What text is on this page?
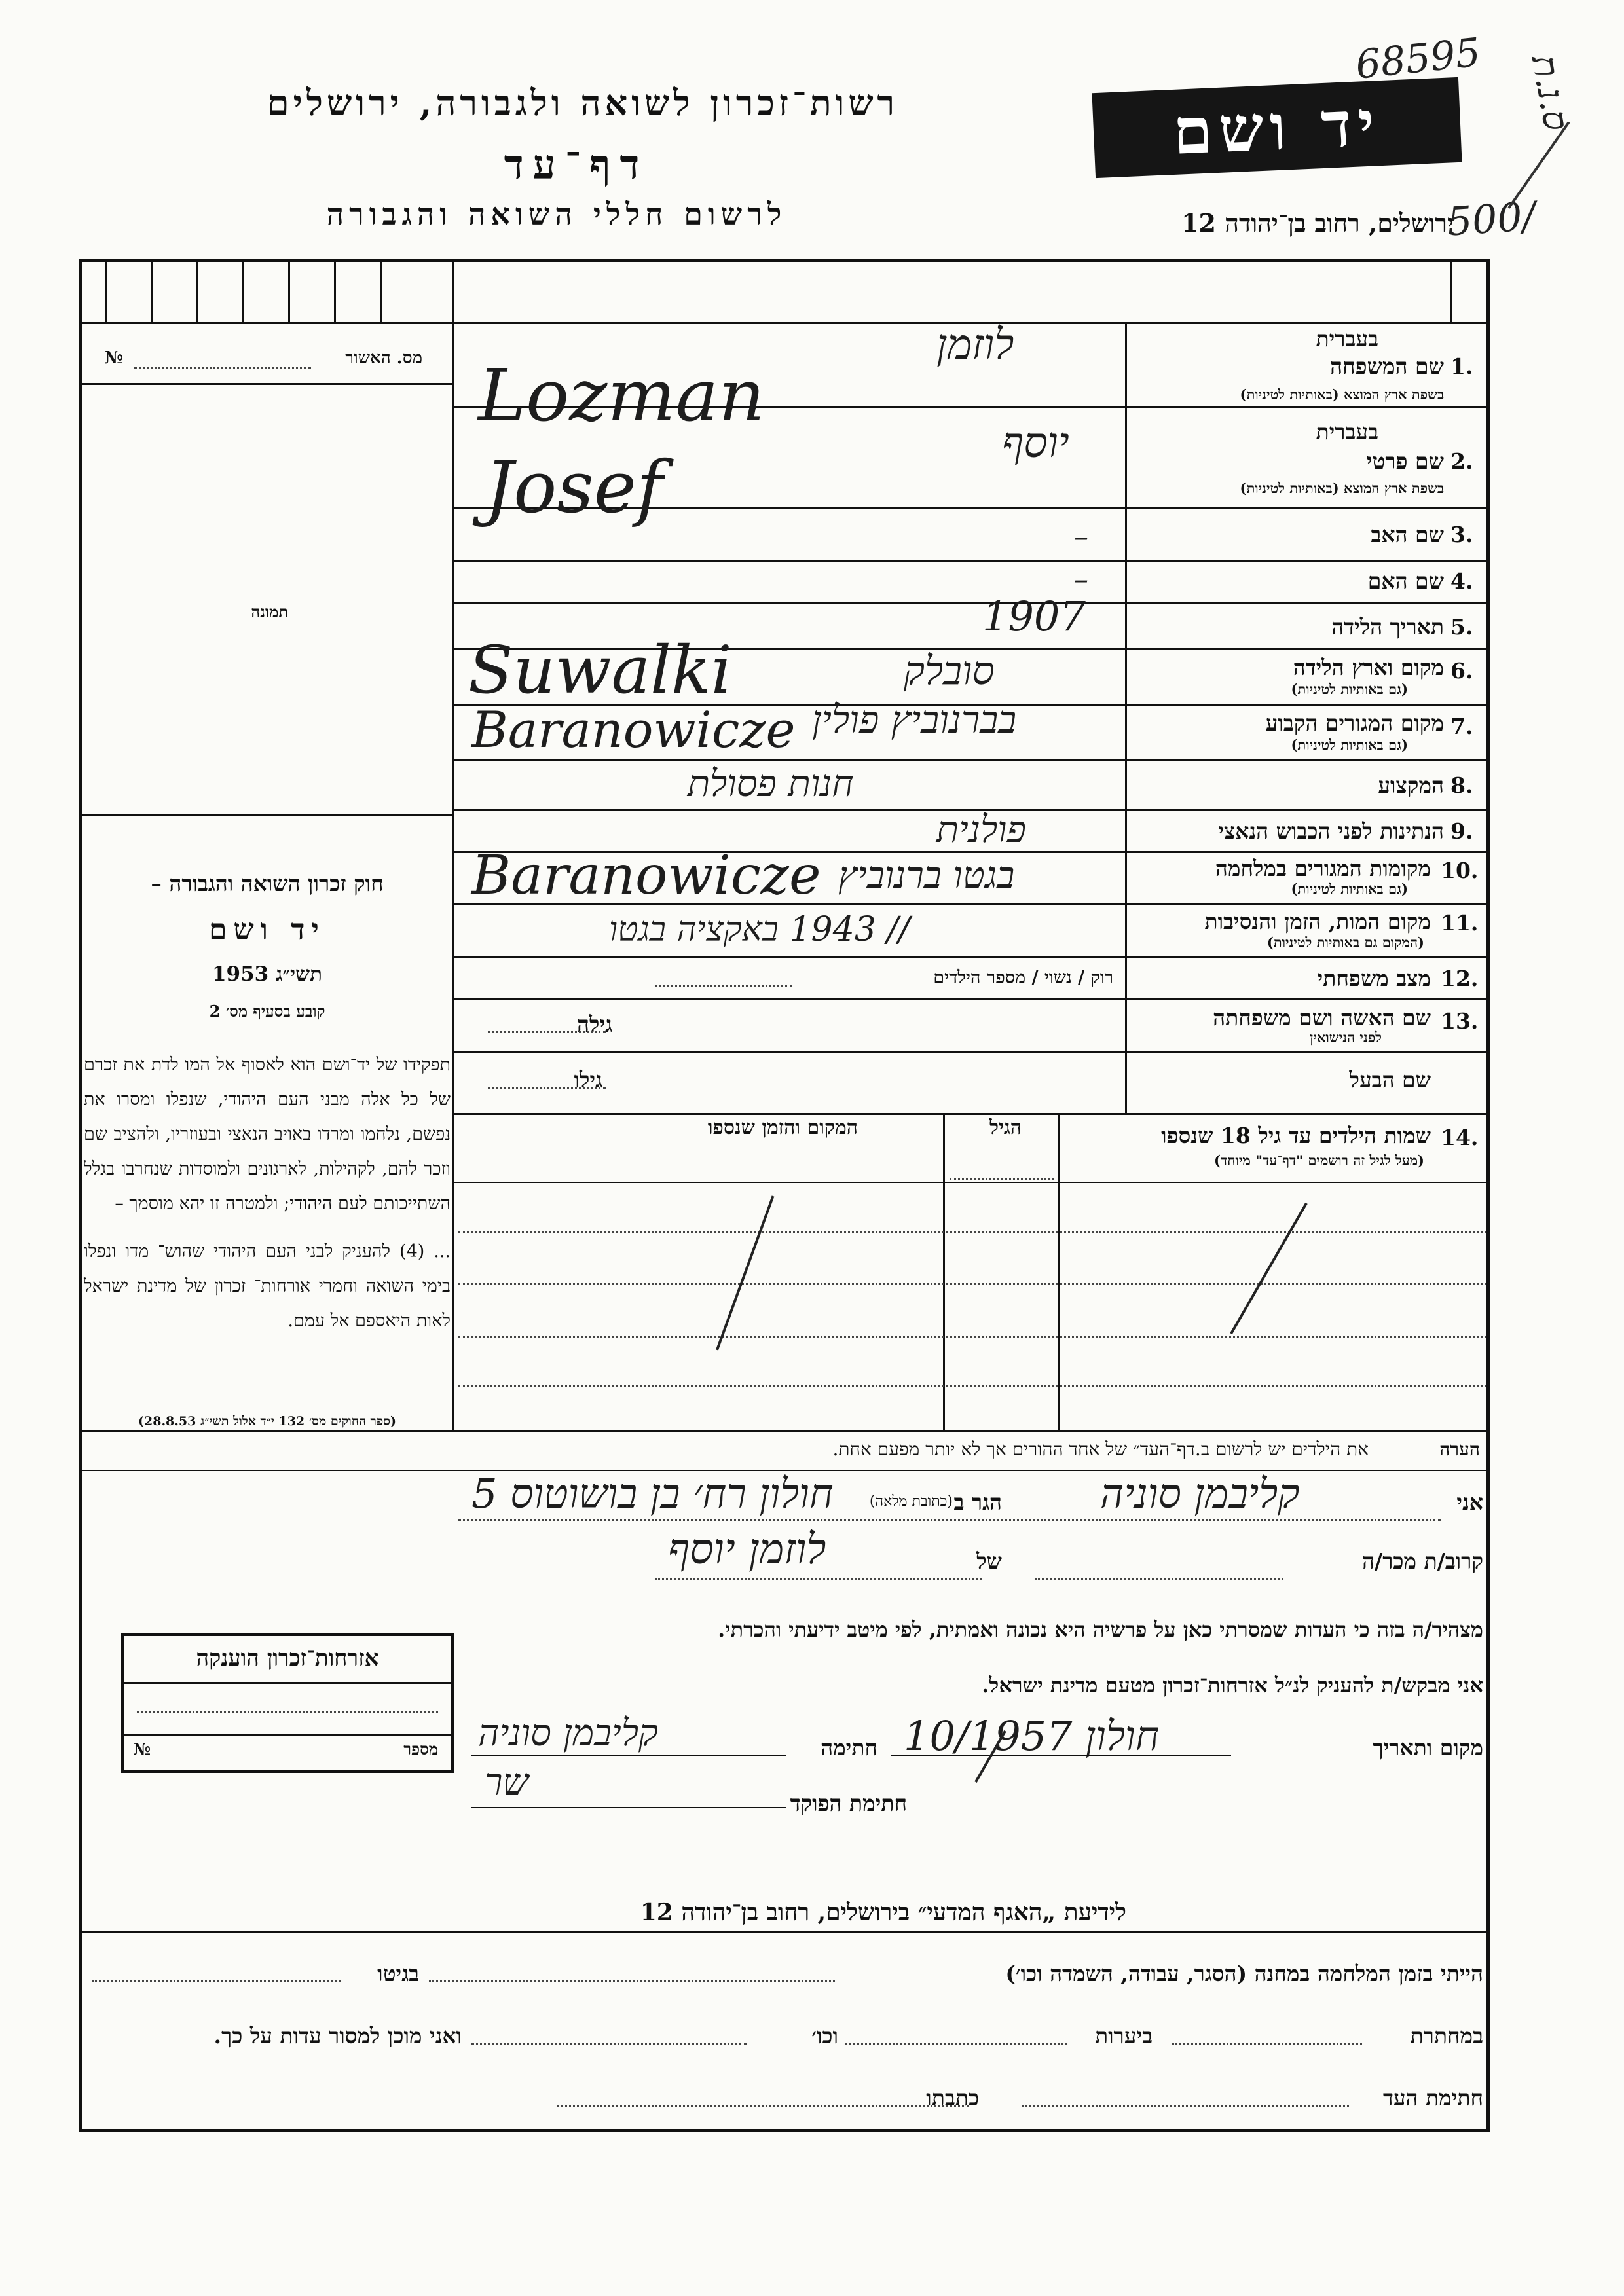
רשות־זכרון לשואה ולגבורה, ירושלים
דף־עד
לרשום חללי השואה והגבורה	ירושלים, רחוב בן־יהודה 12
יד ושם
68595 ס.נ.ת
500/
מס. האשור
№
תמונה
חוק זכרון השואה והגבורה –
יד ושם
תשי״ג 1953
קובע בסעיף מס׳ 2
תפקידו של יד־ושם הוא לאסוף אל המו לדת את זכרם של כל אלה מבני העם היהודי, שנפלו ומסרו את נפשם, נלחמו ומרדו באויב הנאצי ובעוזריו, ולהציב שם וזכר להם, לקהילות, לארגונים ולמוסדות שנחרבו בגלל השתייכותם לעם היהודי; ולמטרה זו יהא מוסמך –
... (4) להעניק לבני העם היהודי שהוש־ מדו ונפלו בימי השואה וחמרי אורחות־ זכרון של מדינת ישראל לאות היאספם אל עמם.
(ספר החוקים מס׳ 132 י״ד אלול תשי״ג 28.8.53)
אזרחות־זכרון הוענקה
מספר
№
1.
שם המשפחה
בשפת ארץ המוצא (באותיות לטיניות)
בעברית
2.
שם פרטי
בשפת ארץ המוצא (באותיות לטיניות)
בעברית
3.
שם האב
4.
שם האם
5.
תאריך הלידה
6.
מקום וארץ הלידה
(גם באותיות לטיניות)
7.
מקום המגורים הקבוע
(גם באותיות לטיניות)
8.
המקצוע
9.
הנתינות לפני הכבוש הנאצי
10.
מקומות המגורים במלחמה
(גם באותיות לטיניות)
11.
מקום המות, הזמן והנסיבות
(המקום גם באותיות לטיניות)
12.
מצב משפחתי
רוק / נשוי / מספר הילדים
13.
שם האשה ושם משפחתה
לפני הנישואין
גילה
שם הבעל
גילו
14.
שמות הילדים עד גיל 18 שנספו
(מעל לגיל זה רושמים "דף־עד" מיוחד)
הגיל
המקום והזמן שנספו
הערה
את הילדים יש לרשום ב.דף־העד״ של אחד ההורים אך לא יותר מפעם אחת.
Lozman
לוזמן
Josef
יוסף
–
–
1907
Suwalki	סובלק
Baranowicze בברנוביץ פולין
חנות פסולת
פולנית
Baranowicze בגטו ברנוביץ
// 1943 באקציה בגטו
אני
קליבמן סוניה
הגר ב
(כתובת מלאה)
חולון רח׳ בן בושוטוס 5
קרוב/ת מכר/ה
של
לוזמן יוסף
מצהיר/ה בזה כי העדות שמסרתי כאן על פרשיה היא נכונה ואמתית, לפי מיטב ידיעתי והכרתי.
אני מבקש/ת להעניק לנ״ל אזרחות־זכרון מטעם מדינת ישראל.
מקום ותאריך
חולון 10/1957
חתימה
קליבמן סוניה
חתימת הפוקד
שר
לידיעת „האגף המדעי״ בירושלים, רחוב בן־יהודה 12
הייתי בזמן המלחמה במחנה (הסגר, עבודה, השמדה וכו׳)
בגיטו
במחתרת
ביערות
וכו׳
ואני מוכן למסור עדות על כך.
חתימת העד
כתבתו
